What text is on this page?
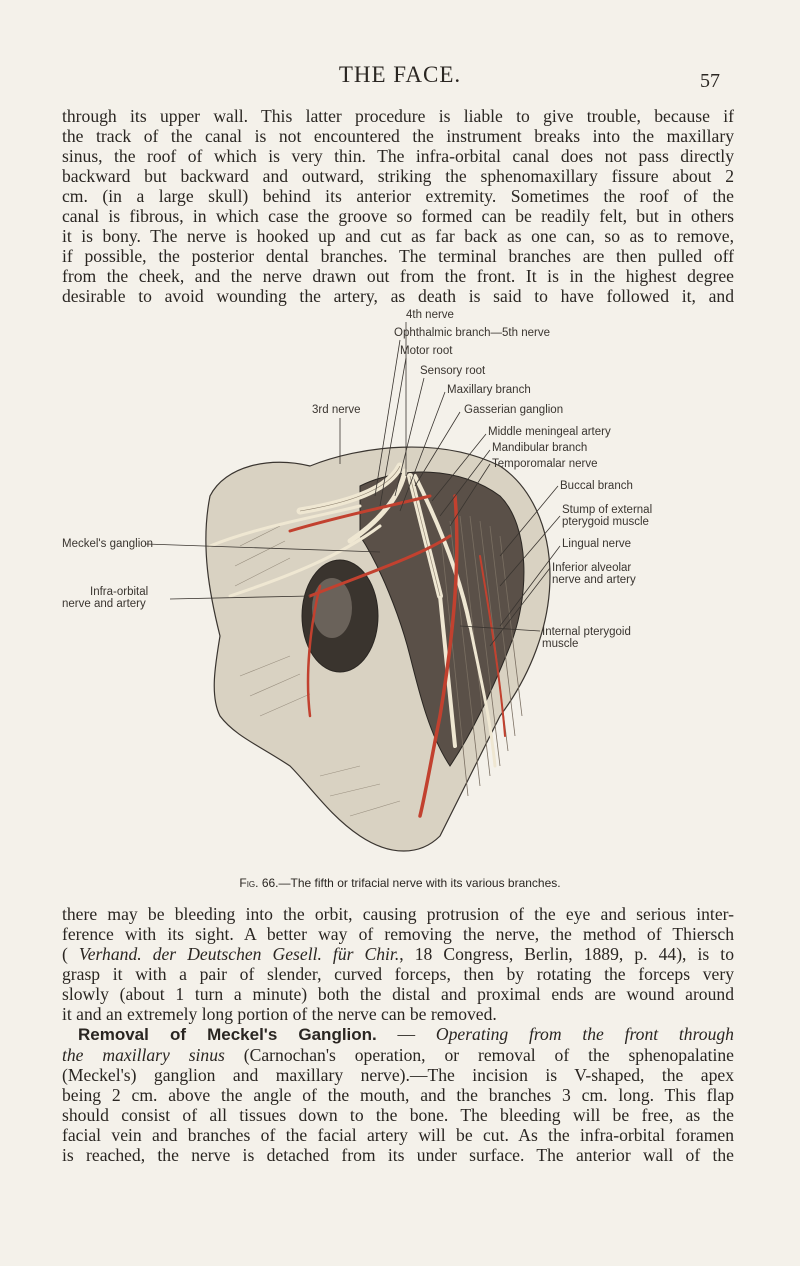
THE FACE.	57
through its upper wall. This latter procedure is liable to give trouble, because if
the track of the canal is not encountered the instrument breaks into the maxillary
sinus, the roof of which is very thin. The infra-orbital canal does not pass directly
backward but backward and outward, striking the sphenomaxillary fissure about 2
cm. (in a large skull) behind its anterior extremity. Sometimes the roof of the
canal is fibrous, in which case the groove so formed can be readily felt, but in others
it is bony. The nerve is hooked up and cut as far back as one can, so as to remove,
if possible, the posterior dental branches. The terminal branches are then pulled off
from the cheek, and the nerve drawn out from the front. It is in the highest degree
desirable to avoid wounding the artery, as death is said to have followed it, and
4th nerve
Ophthalmic branch—5th nerve
Motor root
Sensory root
Maxillary branch
3rd nerve	Gasserian ganglion
Middle meningeal artery
Mandibular branch
Temporomalar nerve
Buccal branch
Stump of external
pterygoid muscle
Meckel's ganglion	Lingual nerve
Inferior alveolar
nerve and artery
Infra-orbital
nerve and artery
Internal pterygoid
muscle
Fig. 66.—The fifth or trifacial nerve with its various branches.
there may be bleeding into the orbit, causing protrusion of the eye and serious inter-
ference with its sight. A better way of removing the nerve, the method of Thiersch
( Verhand. der Deutschen Gesell. für Chir., 18 Congress, Berlin, 1889, p. 44), is to
grasp it with a pair of slender, curved forceps, then by rotating the forceps very
slowly (about 1 turn a minute) both the distal and proximal ends are wound around
it and an extremely long portion of the nerve can be removed.
Removal of Meckel's Ganglion. — Operating from the front through
the maxillary sinus (Carnochan's operation, or removal of the sphenopalatine
(Meckel's) ganglion and maxillary nerve).—The incision is V-shaped, the apex
being 2 cm. above the angle of the mouth, and the branches 3 cm. long. This flap
should consist of all tissues down to the bone. The bleeding will be free, as the
facial vein and branches of the facial artery will be cut. As the infra-orbital foramen
is reached, the nerve is detached from its under surface. The anterior wall of the
